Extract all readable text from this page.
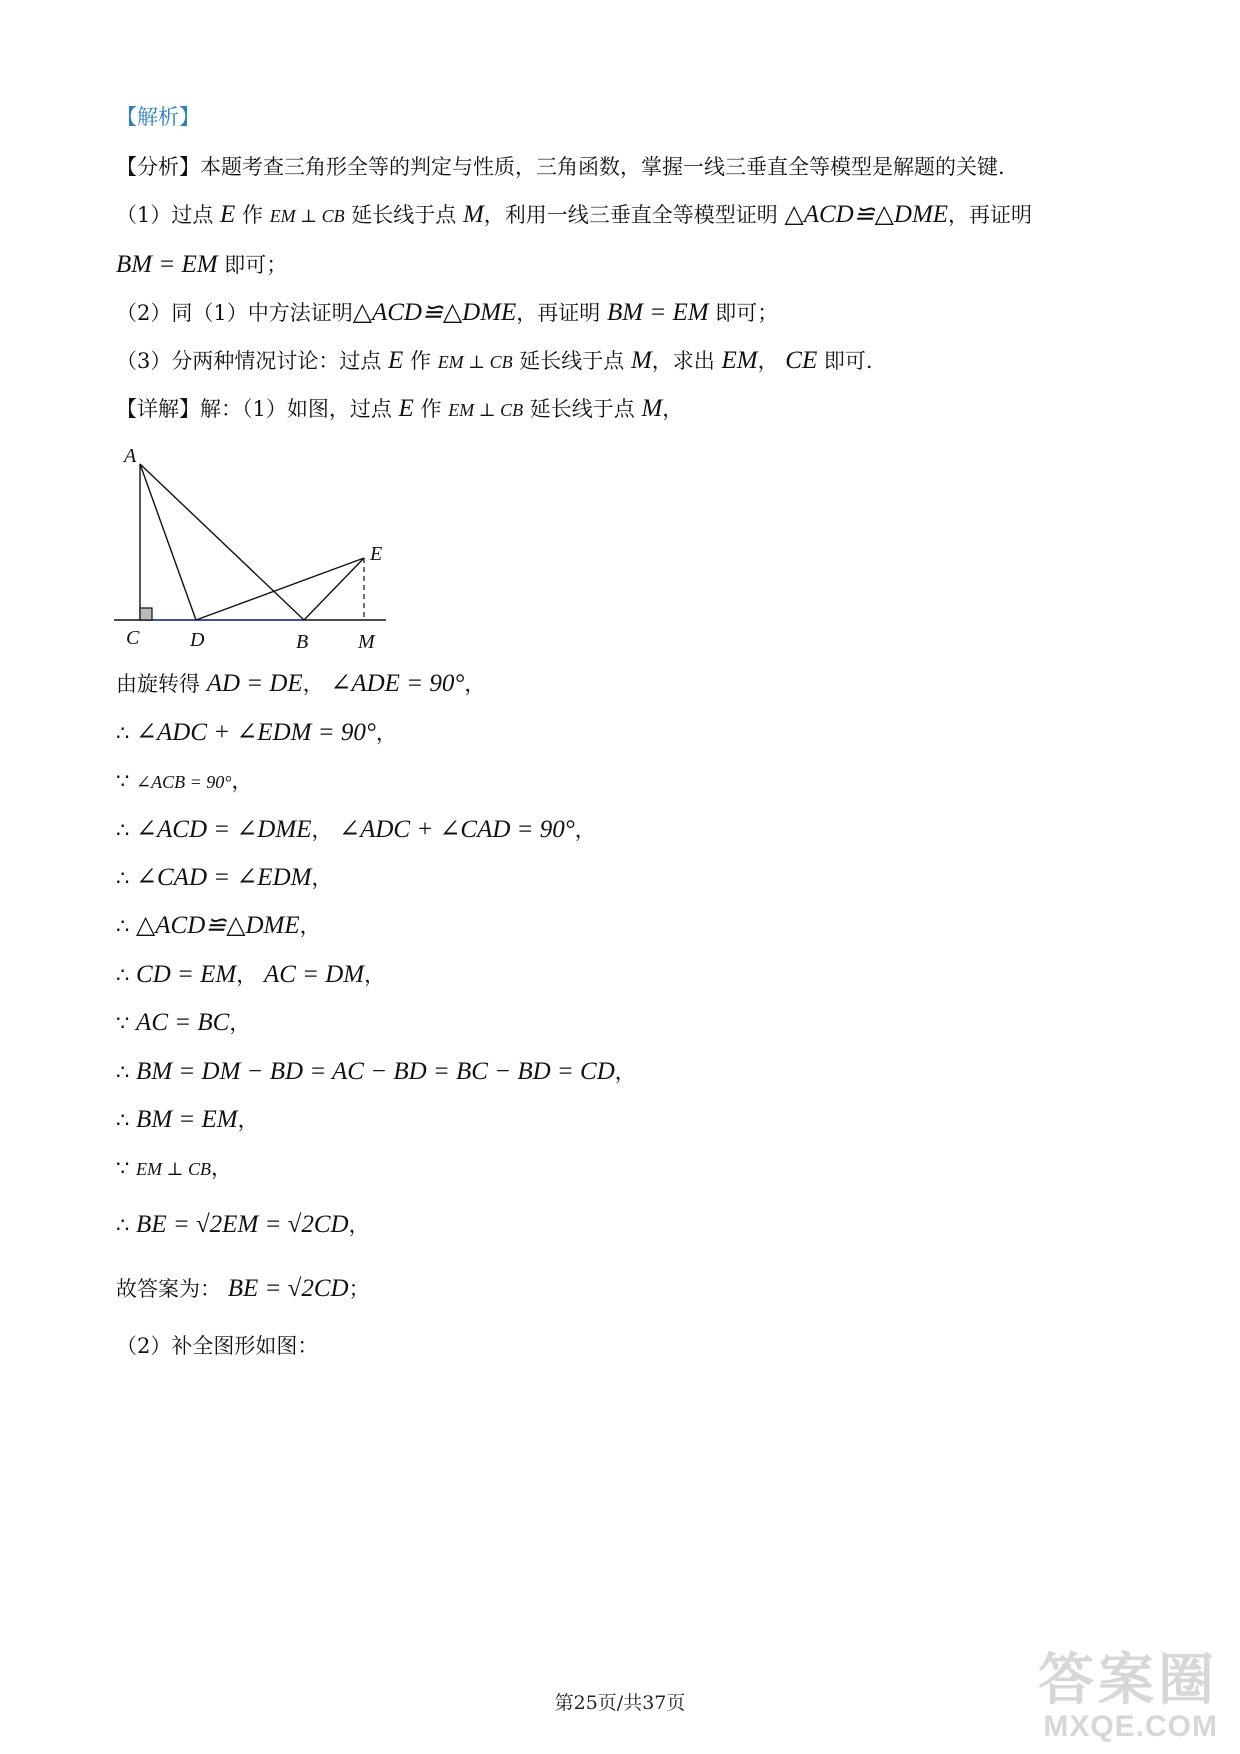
【解析】
【分析】本题考查三角形全等的判定与性质，三角函数，掌握一线三垂直全等模型是解题的关键.
（1）过点 E 作 EM ⊥ CB 延长线于点 M，利用一线三垂直全等模型证明 △ACD≌△DME，再证明
BM = EM 即可；
（2）同（1）中方法证明△ACD≌△DME，再证明 BM = EM 即可；
（3）分两种情况讨论：过点 E 作 EM ⊥ CB 延长线于点 M，求出 EM， CE 即可.
【详解】解：（1）如图，过点 E 作 EM ⊥ CB 延长线于点 M，
A
C	D	B M
E
由旋转得 AD = DE， ∠ADE = 90°，
∴ ∠ADC + ∠EDM = 90°，
∵ ∠ACB = 90°，
∴ ∠ACD = ∠DME， ∠ADC + ∠CAD = 90°，
∴ ∠CAD = ∠EDM，
∴ △ACD≌△DME，
∴ CD = EM， AC = DM，
∵ AC = BC，
∴ BM = DM − BD = AC − BD = BC − BD = CD，
∴ BM = EM，
∵ EM ⊥ CB，
∴ BE = √2EM = √2CD，
故答案为： BE = √2CD；
（2）补全图形如图：
第25页/共37页	答案圈
MXQE.COM
